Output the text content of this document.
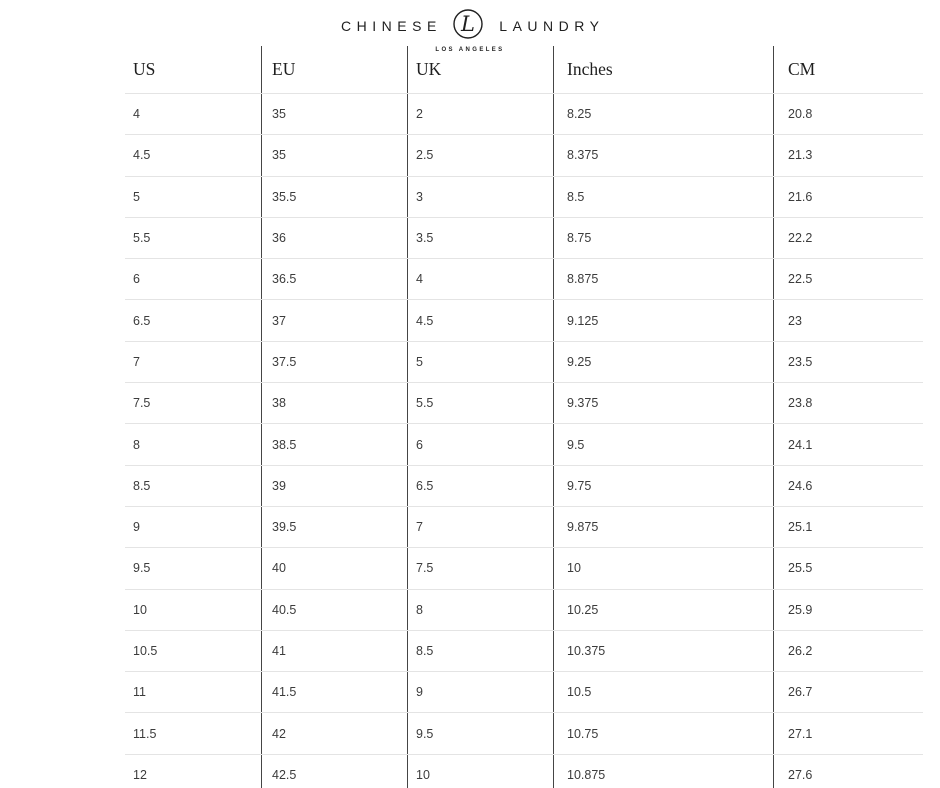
CHINESE L	LAUNDRY
LOS ANGELES
US	EU	UK	Inches	CM
4	35	2	8.25	20.8
4.5	35	2.5	8.375	21.3
5	35.5	3	8.5	21.6
5.5	36	3.5	8.75	22.2
6	36.5	4	8.875	22.5
6.5	37	4.5	9.125	23
7	37.5	5	9.25	23.5
7.5	38	5.5	9.375	23.8
8	38.5	6	9.5	24.1
8.5	39	6.5	9.75	24.6
9	39.5	7	9.875	25.1
9.5	40	7.5	10	25.5
10	40.5	8	10.25	25.9
10.5	41	8.5	10.375	26.2
11	41.5	9	10.5	26.7
11.5	42	9.5	10.75	27.1
12	42.5	10	10.875	27.6
